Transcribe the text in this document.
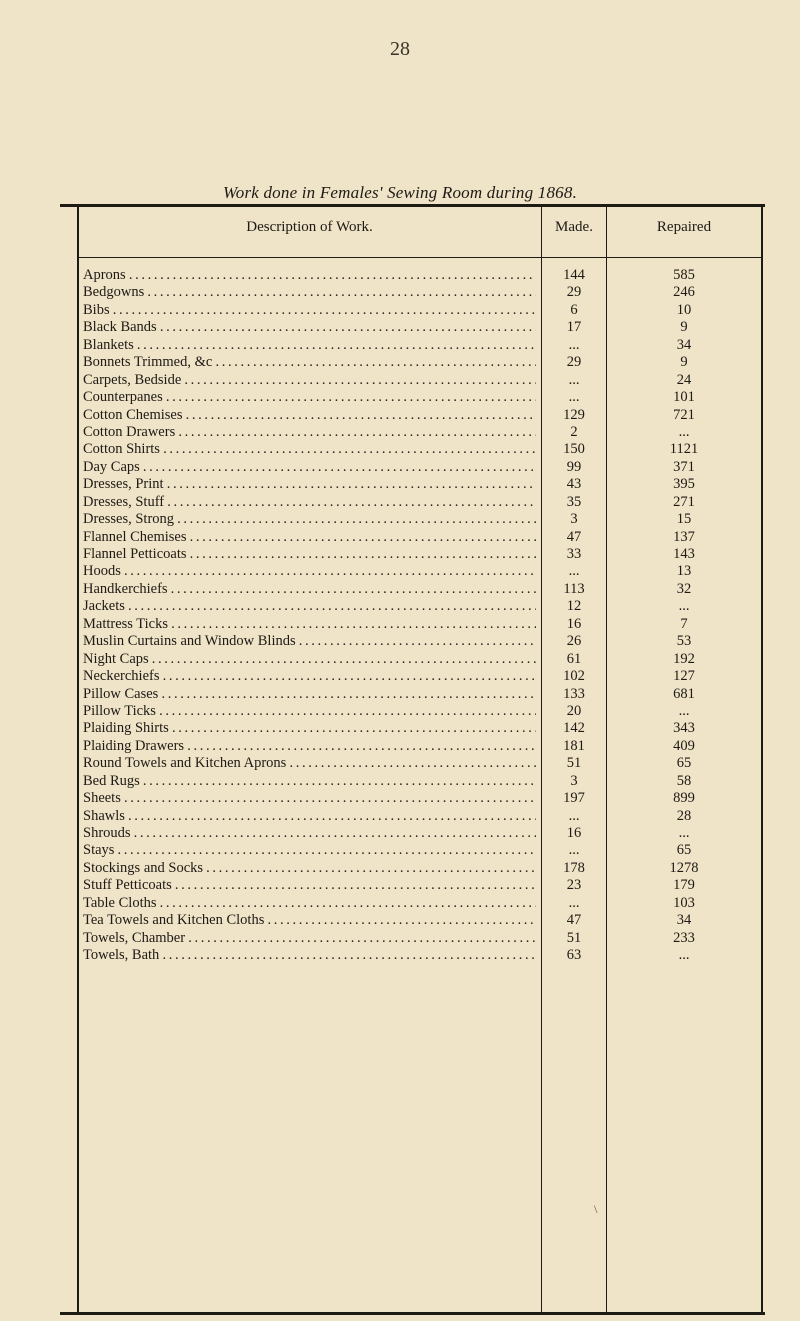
28
Work done in Females' Sewing Room during 1868.
Description of Work.	Made.	Repaired
Aprons . . .	144	585
Bedgowns . . .	29	246
Bibs . . .	6	10
Black Bands . . .	17	9
Blankets . . .	...	34
Bonnets Trimmed, &c . . .	29	9
Carpets, Bedside . . .	...	24
Counterpanes . . .	...	101
Cotton Chemises . . .	129	721
Cotton Drawers . . .	2	...
Cotton Shirts . . .	150	1121
Day Caps . . .	99	371
Dresses, Print . . .	43	395
Dresses, Stuff . . .	35	271
Dresses, Strong . . .	3	15
Flannel Chemises . . .	47	137
Flannel Petticoats . . .	33	143
Hoods . . .	...	13
Handkerchiefs . . .	113	32
Jackets . . .	12	...
Mattress Ticks . . .	16	7
Muslin Curtains and Window Blinds . . .	26	53
Night Caps . . .	61	192
Neckerchiefs . . .	102	127
Pillow Cases . . .	133	681
Pillow Ticks . . .	20	...
Plaiding Shirts . . .	142	343
Plaiding Drawers . . .	181	409
Round Towels and Kitchen Aprons . . .	51	65
Bed Rugs . . .	3	58
Sheets . . .	197	899
Shawls . . .	...	28
Shrouds . . .	16	...
Stays . . .	...	65
Stockings and Socks . . .	178	1278
Stuff Petticoats . . .	23	179
Table Cloths . . .	...	103
Tea Towels and Kitchen Cloths . . .	47	34
Towels, Chamber . . .	51	233
Towels, Bath . . .	63	...
\
